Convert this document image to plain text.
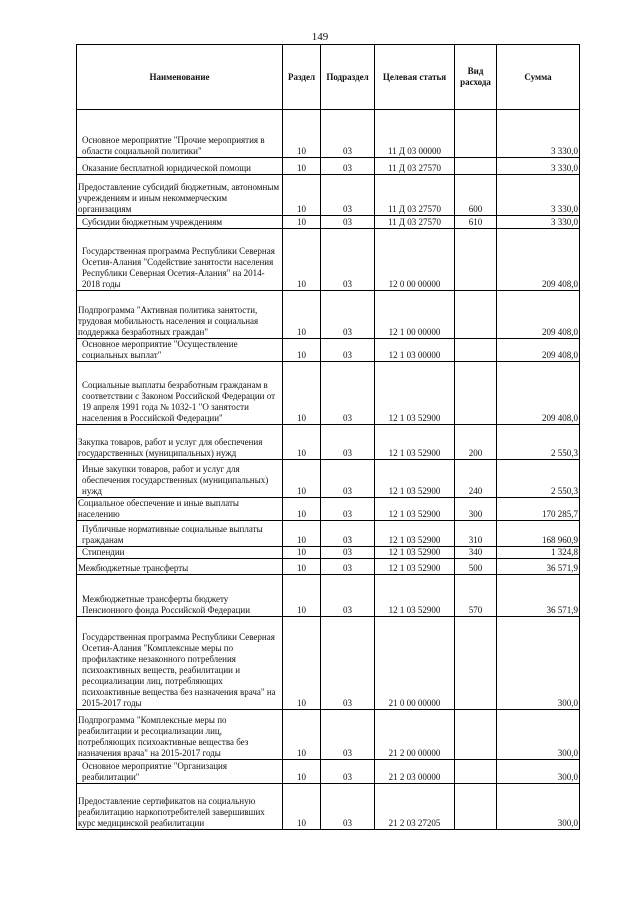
149
Наименование	Раздел	Подраздел	Целевая статья	Вид расхода	Сумма
Основное мероприятие "Прочие мероприятия в области социальной политики"	10	03	11 Д 03 00000		3 330,0
Оказание бесплатной юридической помощи	10	03	11 Д 03 27570		3 330,0
Предоставление субсидий бюджетным, автономным учреждениям и иным некоммерческим организациям	10	03	11 Д 03 27570	600	3 330,0
Субсидии бюджетным учреждениям	10	03	11 Д 03 27570	610	3 330,0
Государственная программа Республики Северная Осетия-Алания "Содействие занятости населения Республики Северная Осетия-Алания" на 2014-2018 годы	10	03	12 0 00 00000		209 408,0
Подпрограмма "Активная политика занятости, трудовая мобильность населения и социальная поддержка безработных граждан"	10	03	12 1 00 00000		209 408,0
Основное мероприятие "Осуществление социальных выплат"	10	03	12 1 03 00000		209 408,0
Социальные выплаты безработным гражданам в соответствии с Законом Российской Федерации от 19 апреля 1991 года № 1032-1 "О занятости населения в Российской Федерации"	10	03	12 1 03 52900		209 408,0
Закупка товаров, работ и услуг для обеспечения государственных (муниципальных) нужд	10	03	12 1 03 52900	200	2 550,3
Иные закупки товаров, работ и услуг для обеспечения государственных (муниципальных) нужд	10	03	12 1 03 52900	240	2 550,3
Социальное обеспечение и иные выплаты населению	10	03	12 1 03 52900	300	170 285,7
Публичные нормативные социальные выплаты гражданам	10	03	12 1 03 52900	310	168 960,9
Стипендии	10	03	12 1 03 52900	340	1 324,8
Межбюджетные трансферты	10	03	12 1 03 52900	500	36 571,9
Межбюджетные трансферты бюджету Пенсионного фонда Российской Федерации	10	03	12 1 03 52900	570	36 571,9
Государственная программа Республики Северная Осетия-Алания "Комплексные меры по профилактике незаконного потребления психоактивных веществ, реабилитации и ресоциализации лиц, потребляющих психоактивные вещества без назначения врача" на 2015-2017 годы	10	03	21 0 00 00000		300,0
Подпрограмма "Комплексные меры по реабилитации и ресоциализации лиц, потребляющих психоактивные вещества без назначения врача" на 2015-2017 годы	10	03	21 2 00 00000		300,0
Основное мероприятие "Организация реабилитации"	10	03	21 2 03 00000		300,0
Предоставление сертификатов на социальную реабилитацию наркопотребителей завершивших курс медицинской реабилитации	10	03	21 2 03 27205		300,0
